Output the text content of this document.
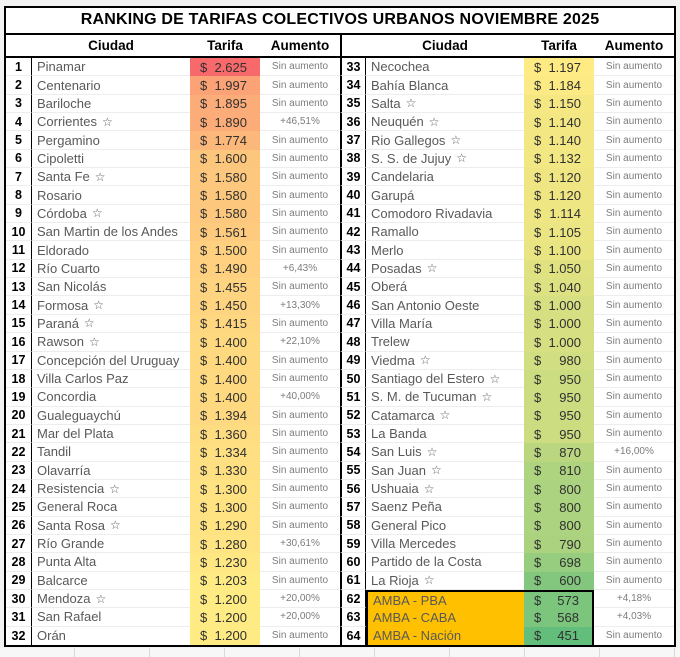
RANKING DE TARIFAS COLECTIVOS URBANOS NOVIEMBRE 2025
Ciudad	Tarifa	Aumento	Ciudad	Tarifa	Aumento
1	Pinamar	$ 2.625	Sin aumento	33 Necochea	$ 1.197	Sin aumento
2	Centenario	$ 1.997	Sin aumento	34 Bahía Blanca	$ 1.184	Sin aumento
3	Bariloche	$ 1.895	Sin aumento	35 Salta ☆	$ 1.150	Sin aumento
4	Corrientes ☆	$ 1.890	+46,51%	36 Neuquén ☆	$ 1.140	Sin aumento
5	Pergamino	$ 1.774	Sin aumento	37 Rio Gallegos ☆	$ 1.140	Sin aumento
6	Cipoletti	$ 1.600	Sin aumento	38 S. S. de Jujuy ☆	$ 1.132	Sin aumento
7	Santa Fe ☆	$ 1.580	Sin aumento	39 Candelaria	$ 1.120	Sin aumento
8	Rosario	$ 1.580	Sin aumento	40 Garupá	$ 1.120	Sin aumento
9	Córdoba ☆	$ 1.580	Sin aumento	41 Comodoro Rivadavia	$ 1.114	Sin aumento
10 San Martin de los Andes $ 1.561	Sin aumento	42 Ramallo	$ 1.105	Sin aumento
11 Eldorado	$ 1.500	Sin aumento	43 Merlo	$ 1.100	Sin aumento
12 Río Cuarto	$ 1.490	+6,43%	44 Posadas ☆	$ 1.050	Sin aumento
13 San Nicolás	$ 1.455	Sin aumento	45 Oberá	$ 1.040	Sin aumento
14 Formosa ☆	$ 1.450	+13,30%	46 San Antonio Oeste	$ 1.000	Sin aumento
15 Paraná ☆	$ 1.415	Sin aumento	47 Villa María	$ 1.000	Sin aumento
16 Rawson ☆	$ 1.400	+22,10%	48 Trelew	$ 1.000	Sin aumento
17 Concepción del Uruguay $ 1.400	Sin aumento	49 Viedma ☆	$ 980	Sin aumento
18 Villa Carlos Paz	$ 1.400	Sin aumento	50 Santiago del Estero ☆	$ 950	Sin aumento
19 Concordia	$ 1.400	+40,00%	51 S. M. de Tucuman ☆	$ 950	Sin aumento
20 Gualeguaychú	$ 1.394	Sin aumento	52 Catamarca ☆	$ 950	Sin aumento
21 Mar del Plata	$ 1.360	Sin aumento	53 La Banda	$ 950	Sin aumento
22 Tandil	$ 1.334	Sin aumento	54 San Luis ☆	$ 870	+16,00%
23 Olavarría	$ 1.330	Sin aumento	55 San Juan ☆	$ 810	Sin aumento
24 Resistencia ☆	$ 1.300	Sin aumento	56 Ushuaia ☆	$ 800	Sin aumento
25 General Roca	$ 1.300	Sin aumento	57 Saenz Peña	$ 800	Sin aumento
26 Santa Rosa ☆	$ 1.290	Sin aumento	58 General Pico	$ 800	Sin aumento
27 Río Grande	$ 1.280	+30,61%	59 Villa Mercedes	$ 790	Sin aumento
28 Punta Alta	$ 1.230	Sin aumento	60 Partido de la Costa	$ 698	Sin aumento
29 Balcarce	$ 1.203	Sin aumento	61 La Rioja ☆	$ 600	Sin aumento
30 Mendoza ☆	$ 1.200	+20,00%	62 AMBA - PBA	$ 573	+4,18%
31 San Rafael	$ 1.200	+20,00%	63 AMBA - CABA	$ 568	+4,03%
32 Orán	$ 1.200	Sin aumento	64 AMBA - Nación	$ 451	Sin aumento
